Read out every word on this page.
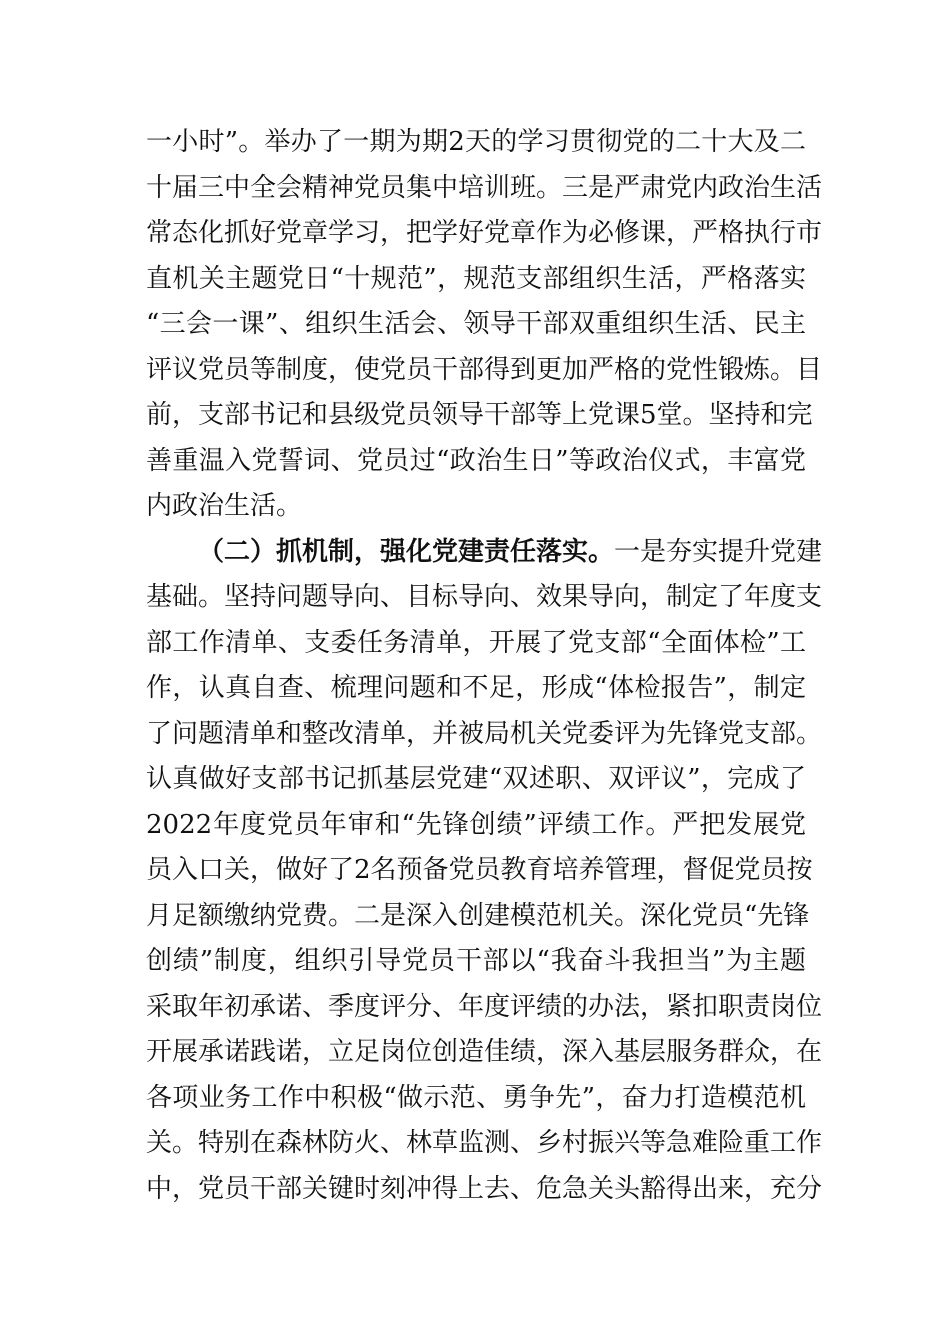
一小时”。举办了一期为期2天的学习贯彻党的二十大及二
十届三中全会精神党员集中培训班。三是严肃党内政治生活
常态化抓好党章学习，把学好党章作为必修课，严格执行市
直机关主题党日“十规范”，规范支部组织生活，严格落实
“三会一课”、组织生活会、领导干部双重组织生活、民主
评议党员等制度，使党员干部得到更加严格的党性锻炼。目
前，支部书记和县级党员领导干部等上党课5堂。坚持和完
善重温入党誓词、党员过“政治生日”等政治仪式，丰富党
内政治生活。
（二）抓机制，强化党建责任落实。一是夯实提升党建
基础。坚持问题导向、目标导向、效果导向，制定了年度支
部工作清单、支委任务清单，开展了党支部“全面体检”工
作，认真自查、梳理问题和不足，形成“体检报告”，制定
了问题清单和整改清单，并被局机关党委评为先锋党支部。
认真做好支部书记抓基层党建“双述职、双评议”，完成了
2022年度党员年审和“先锋创绩”评绩工作。严把发展党
员入口关，做好了2名预备党员教育培养管理，督促党员按
月足额缴纳党费。二是深入创建模范机关。深化党员“先锋
创绩”制度，组织引导党员干部以“我奋斗我担当”为主题
采取年初承诺、季度评分、年度评绩的办法，紧扣职责岗位
开展承诺践诺，立足岗位创造佳绩，深入基层服务群众，在
各项业务工作中积极“做示范、勇争先”，奋力打造模范机
关。特别在森林防火、林草监测、乡村振兴等急难险重工作
中，党员干部关键时刻冲得上去、危急关头豁得出来，充分
